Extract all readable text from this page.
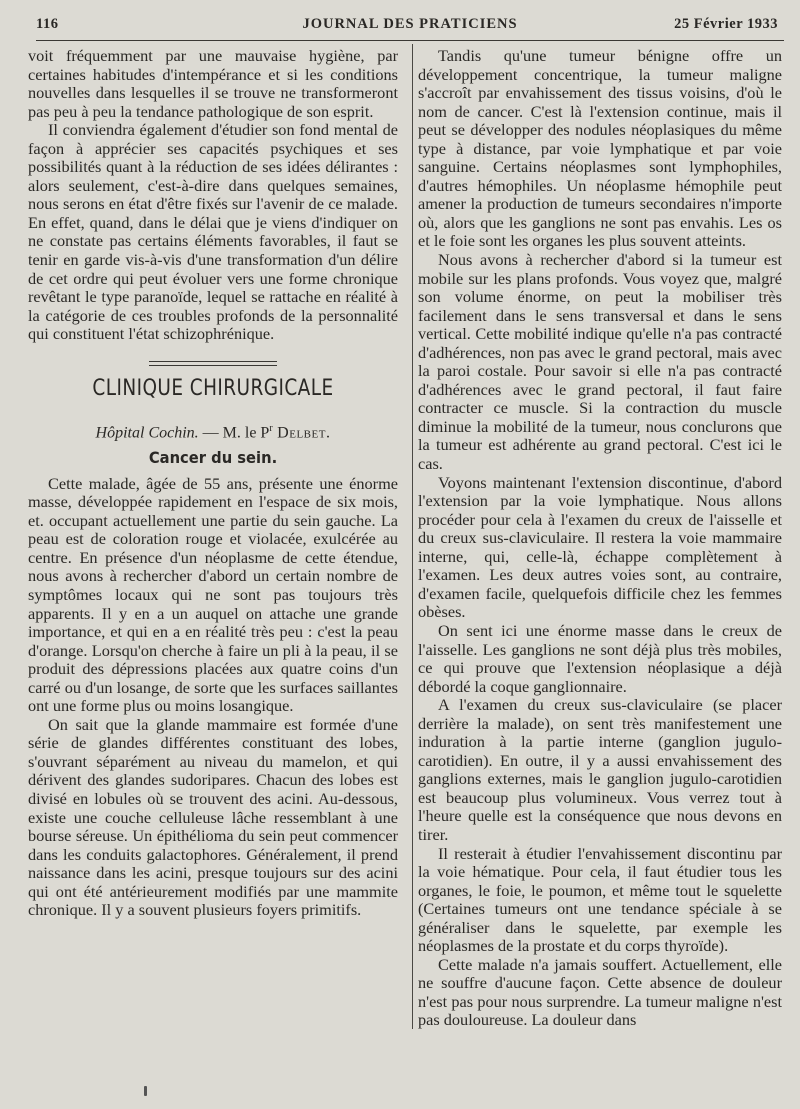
116	JOURNAL DES PRATICIENS	25 Février 1933

voit fréquemment par une mauvaise hygiène, par certaines habitudes d'intempérance et si les conditions nouvelles dans lesquelles il se trouve ne transformeront pas peu à peu la tendance pathologique de son esprit.

Il conviendra également d'étudier son fond mental de façon à apprécier ses capacités psychiques et ses possibilités quant à la réduction de ses idées délirantes : alors seulement, c'est-à-dire dans quelques semaines, nous serons en état d'être fixés sur l'avenir de ce malade. En effet, quand, dans le délai que je viens d'indiquer on ne constate pas certains éléments favorables, il faut se tenir en garde vis-à-vis d'une transformation d'un délire de cet ordre qui peut évoluer vers une forme chronique revêtant le type paranoïde, lequel se rattache en réalité à la catégorie de ces troubles profonds de la personnalité qui constituent l'état schizophrénique.

CLINIQUE CHIRURGICALE
Hôpital Cochin. — M. le $P^r$ Delbet.
Cancer du sein.

Cette malade, âgée de 55 ans, présente une énorme masse, développée rapidement en l'espace de six mois, et. occupant actuellement une partie du sein gauche. La peau est de coloration rouge et violacée, exulcérée au centre. En présence d'un néoplasme de cette étendue, nous avons à rechercher d'abord un certain nombre de symptômes locaux qui ne sont pas toujours très apparents. Il y en a un auquel on attache une grande importance, et qui en a en réalité très peu : c'est la peau d'orange. Lorsqu'on cherche à faire un pli à la peau, il se produit des dépressions placées aux quatre coins d'un carré ou d'un losange, de sorte que les surfaces saillantes ont une forme plus ou moins losangique.

On sait que la glande mammaire est formée d'une série de glandes différentes constituant des lobes, s'ouvrant séparément au niveau du mamelon, et qui dérivent des glandes sudoripares. Chacun des lobes est divisé en lobules où se trouvent des acini. Au-dessous, existe une couche celluleuse lâche ressemblant à une bourse séreuse. Un épithélioma du sein peut commencer dans les conduits galactophores. Généralement, il prend naissance dans les acini, presque toujours sur des acini qui ont été antérieurement modifiés par une mammite chronique. Il y a souvent plusieurs foyers primitifs.

Tandis qu'une tumeur bénigne offre un développement concentrique, la tumeur maligne s'accroît par envahissement des tissus voisins, d'où le nom de cancer. C'est là l'extension continue, mais il peut se développer des nodules néoplasiques du même type à distance, par voie lymphatique et par voie sanguine. Certains néoplasmes sont lymphophiles, d'autres hémophiles. Un néoplasme hémophile peut amener la production de tumeurs secondaires n'importe où, alors que les ganglions ne sont pas envahis. Les os et le foie sont les organes les plus souvent atteints.

Nous avons à rechercher d'abord si la tumeur est mobile sur les plans profonds. Vous voyez que, malgré son volume énorme, on peut la mobiliser très facilement dans le sens transversal et dans le sens vertical. Cette mobilité indique qu'elle n'a pas contracté d'adhérences, non pas avec le grand pectoral, mais avec la paroi costale. Pour savoir si elle n'a pas contracté d'adhérences avec le grand pectoral, il faut faire contracter ce muscle. Si la contraction du muscle diminue la mobilité de la tumeur, nous conclurons que la tumeur est adhérente au grand pectoral. C'est ici le cas.

Voyons maintenant l'extension discontinue, d'abord l'extension par la voie lymphatique. Nous allons procéder pour cela à l'examen du creux de l'aisselle et du creux sus-claviculaire. Il restera la voie mammaire interne, qui, celle-là, échappe complètement à l'examen. Les deux autres voies sont, au contraire, d'examen facile, quelquefois difficile chez les femmes obèses.

On sent ici une énorme masse dans le creux de l'aisselle. Les ganglions ne sont déjà plus très mobiles, ce qui prouve que l'extension néoplasique a déjà débordé la coque ganglionnaire.

A l'examen du creux sus-claviculaire (se placer derrière la malade), on sent très manifestement une induration à la partie interne (ganglion jugulo-carotidien). En outre, il y a aussi envahissement des ganglions externes, mais le ganglion jugulo-carotidien est beaucoup plus volumineux. Vous verrez tout à l'heure quelle est la conséquence que nous devons en tirer.

Il resterait à étudier l'envahissement discontinu par la voie hématique. Pour cela, il faut étudier tous les organes, le foie, le poumon, et même tout le squelette (Certaines tumeurs ont une tendance spéciale à se généraliser dans le squelette, par exemple les néoplasmes de la prostate et du corps thyroïde).

Cette malade n'a jamais souffert. Actuellement, elle ne souffre d'aucune façon. Cette absence de douleur n'est pas pour nous surprendre. La tumeur maligne n'est pas douloureuse. La douleur dans
